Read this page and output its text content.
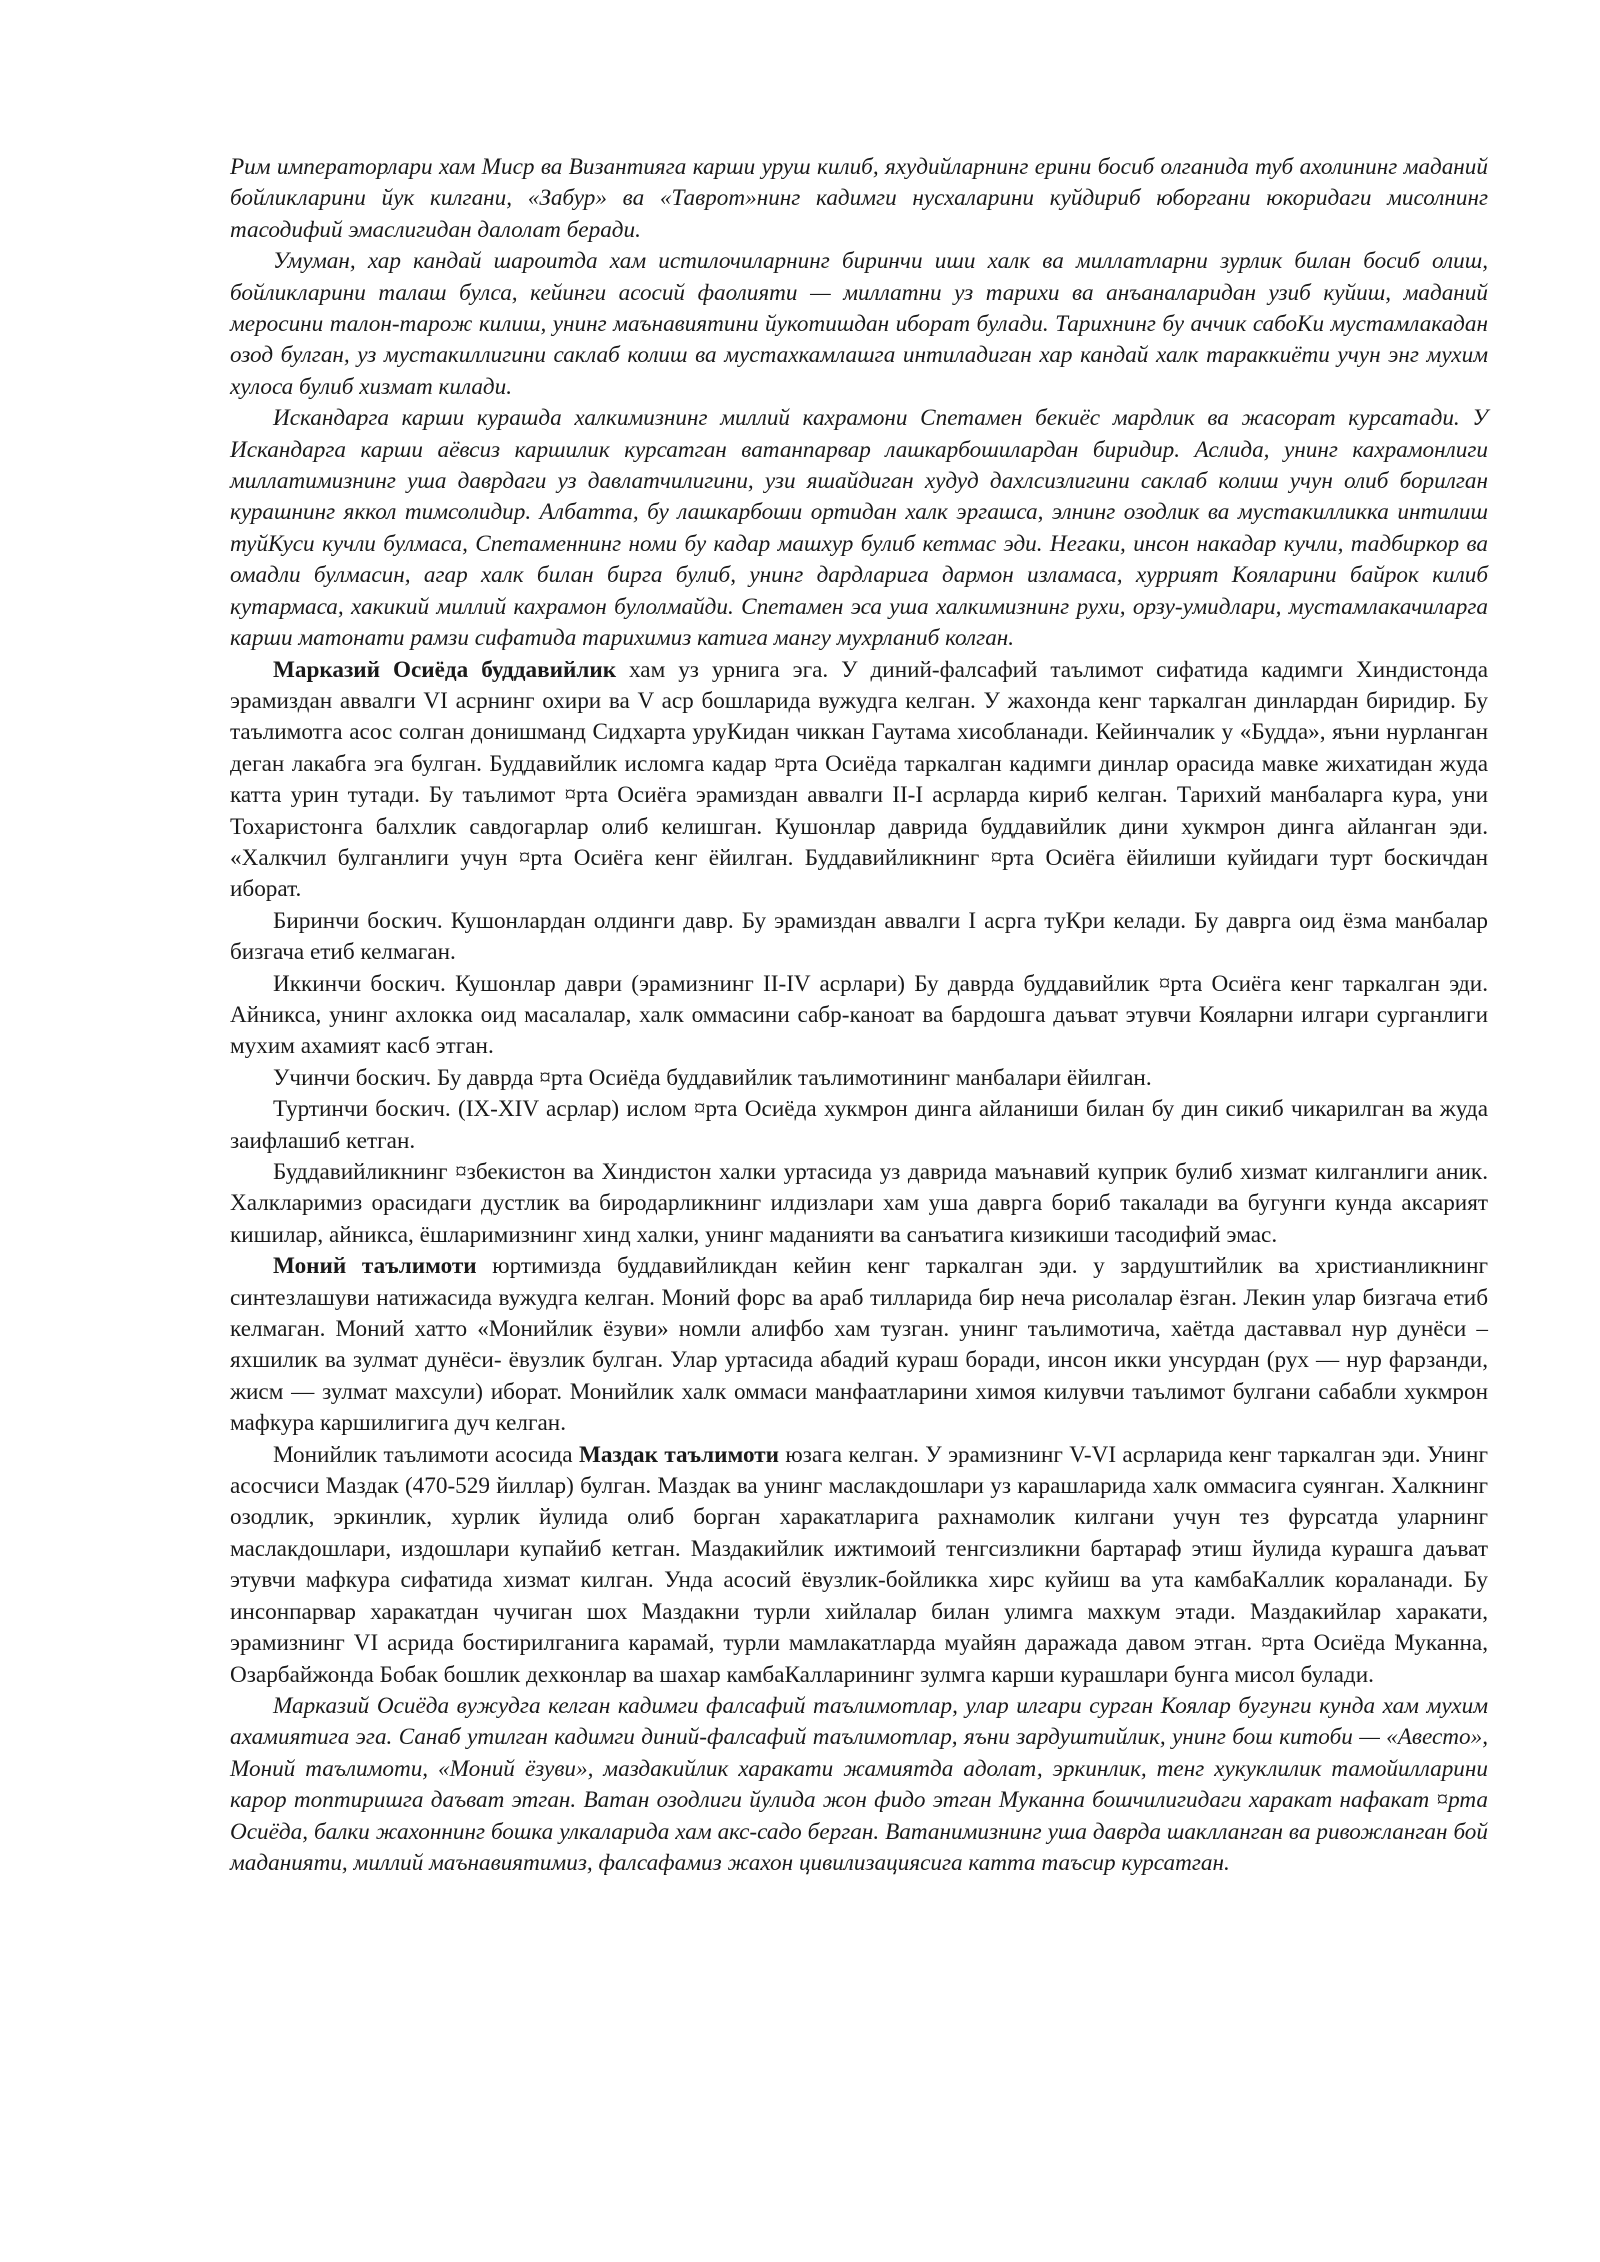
Рим императорлари хам Миср ва Византияга карши уруш килиб, яхудийларнинг ерини босиб олганида туб ахолининг маданий бойликларини йук килгани, «Забур» ва «Таврот»нинг кадимги нусхаларини куйдириб юборгани юкоридаги мисолнинг тасодифий эмаслигидан далолат беради.

Умуман, хар кандай шароитда хам истилочиларнинг биринчи иши халк ва миллатларни зурлик билан босиб олиш, бойликларини талаш булса, кейинги асосий фаолияти — миллатни уз тарихи ва анъаналаридан узиб куйиш, маданий меросини талон-тарож килиш, унинг маънавиятини йукотишдан иборат булади. Тарихнинг бу аччик сабоКи мустамлакадан озод булган, уз мустакиллигини саклаб колиш ва мустахкамлашга интиладиган хар кандай халк тараккиёти учун энг мухим хулоса булиб хизмат килади.

Искандарга карши курашда халкимизнинг миллий кахрамони Спетамен бекиёс мардлик ва жасорат курсатади. У Искандарга карши аёвсиз каршилик курсатган ватанпарвар лашкарбошилардан биридир. Аслида, унинг кахрамонлиги миллатимизнинг уша даврдаги уз давлатчилигини, узи яшайдиган худуд дахлсизлигини саклаб колиш учун олиб борилган курашнинг яккол тимсолидир. Албатта, бу лашкарбоши ортидан халк эргашса, элнинг озодлик ва мустакилликка интилиш туйКуси кучли булмаса, Спетаменнинг номи бу кадар машхур булиб кетмас эди. Негаки, инсон накадар кучли, тадбиркор ва омадли булмасин, агар халк билан бирга булиб, унинг дардларига дармон изламаса, хуррият Кояларини байрок килиб кутармаса, хакикий миллий кахрамон булолмайди. Спетамен эса уша халкимизнинг рухи, орзу-умидлари, мустамлакачиларга карши матонати рамзи сифатида тарихимиз катига мангу мухрланиб колган.

Марказий Осиёда буддавийлик хам уз урнига эга. У диний-фалсафий таълимот сифатида кадимги Хиндистонда эрамиздан аввалги VI асрнинг охири ва V аср бошларида вужудга келган. У жахонда кенг таркалган динлардан биридир. Бу таълимотга асос солган донишманд Сидхарта уруКидан чиккан Гаутама хисобланади. Кейинчалик у «Будда», яъни нурланган деган лакабга эга булган. Буддавийлик исломга кадар ¤рта Осиёда таркалган кадимги динлар орасида мавке жихатидан жуда катта урин тутади. Бу таълимот ¤рта Осиёга эрамиздан аввалги II-I асрларда кириб келган. Тарихий манбаларга кура, уни Тохаристонга балхлик савдогарлар олиб келишган. Кушонлар даврида буддавийлик дини хукмрон динга айланган эди. «Халкчил булганлиги учун ¤рта Осиёга кенг ёйилган. Буддавийликнинг ¤рта Осиёга ёйилиши куйидаги турт боскичдан иборат.

Биринчи боскич. Кушонлардан олдинги давр. Бу эрамиздан аввалги I асрга туКри келади. Бу даврга оид ёзма манбалар бизгача етиб келмаган.

Иккинчи боскич. Кушонлар даври (эрамизнинг II-IV асрлари) Бу даврда буддавийлик ¤рта Осиёга кенг таркалган эди. Айникса, унинг ахлокка оид масалалар, халк оммасини сабр-каноат ва бардошга даъват этувчи Кояларни илгари сурганлиги мухим ахамият касб этган.

Учинчи боскич. Бу даврда ¤рта Осиёда буддавийлик таълимотининг манбалари ёйилган.

Туртинчи боскич. (IX-XIV асрлар) ислом ¤рта Осиёда хукмрон динга айланиши билан бу дин сикиб чикарилган ва жуда заифлашиб кетган.

Буддавийликнинг ¤збекистон ва Хиндистон халки уртасида уз даврида маънавий куприк булиб хизмат килганлиги аник. Халкларимиз орасидаги дустлик ва биродарликнинг илдизлари хам уша даврга бориб такалади ва бугунги кунда аксарият кишилар, айникса, ёшларимизнинг хинд халки, унинг маданияти ва санъатига кизикиши тасодифий эмас.

Моний таълимоти юртимизда буддавийликдан кейин кенг таркалган эди. у зардуштийлик ва христианликнинг синтезлашуви натижасида вужудга келган. Моний форс ва араб тилларида бир неча рисолалар ёзган. Лекин улар бизгача етиб келмаган. Моний хатто «Монийлик ёзуви» номли алифбо хам тузган. унинг таълимотича, хаётда даставвал нур дунёси – яхшилик ва зулмат дунёси- ёвузлик булган. Улар уртасида абадий кураш боради, инсон икки унсурдан (рух — нур фарзанди, жисм — зулмат махсули) иборат. Монийлик халк оммаси манфаатларини химоя килувчи таълимот булгани сабабли хукмрон мафкура каршилигига дуч келган.

Монийлик таълимоти асосида Маздак таълимоти юзага келган. У эрамизнинг V-VI асрларида кенг таркалган эди. Унинг асосчиси Маздак (470-529 йиллар) булган. Маздак ва унинг маслакдошлари уз карашларида халк оммасига суянган. Халкнинг озодлик, эркинлик, хурлик йулида олиб борган харакатларига рахнамолик килгани учун тез фурсатда уларнинг маслакдошлари, издошлари купайиб кетган. Маздакийлик ижтимоий тенгсизликни бартараф этиш йулида курашга даъват этувчи мафкура сифатида хизмат килган. Унда асосий ёвузлик-бойликка хирс куйиш ва ута камбаКаллик кораланади. Бу инсонпарвар харакатдан чучиган шох Маздакни турли хийлалар билан улимга махкум этади. Маздакийлар харакати, эрамизнинг VI асрида бостирилганига карамай, турли мамлакатларда муайян даражада давом этган. ¤рта Осиёда Муканна, Озарбайжонда Бобак бошлик дехконлар ва шахар камбаКалларининг зулмга карши курашлари бунга мисол булади.

Марказий Осиёда вужудга келган кадимги фалсафий таълимотлар, улар илгари сурган Коялар бугунги кунда хам мухим ахамиятига эга. Санаб утилган кадимги диний-фалсафий таълимотлар, яъни зардуштийлик, унинг бош китоби — «Авесто», Моний таълимоти, «Моний ёзуви», маздакийлик харакати жамиятда адолат, эркинлик, тенг хукуклилик тамойилларини карор топтиришга даъват этган. Ватан озодлиги йулида жон фидо этган Муканна бошчилигидаги харакат нафакат ¤рта Осиёда, балки жахоннинг бошка улкаларида хам акс-садо берган. Ватанимизнинг уша даврда шаклланган ва ривожланган бой маданияти, миллий маънавиятимиз, фалсафамиз жахон цивилизациясига катта таъсир курсатган.
